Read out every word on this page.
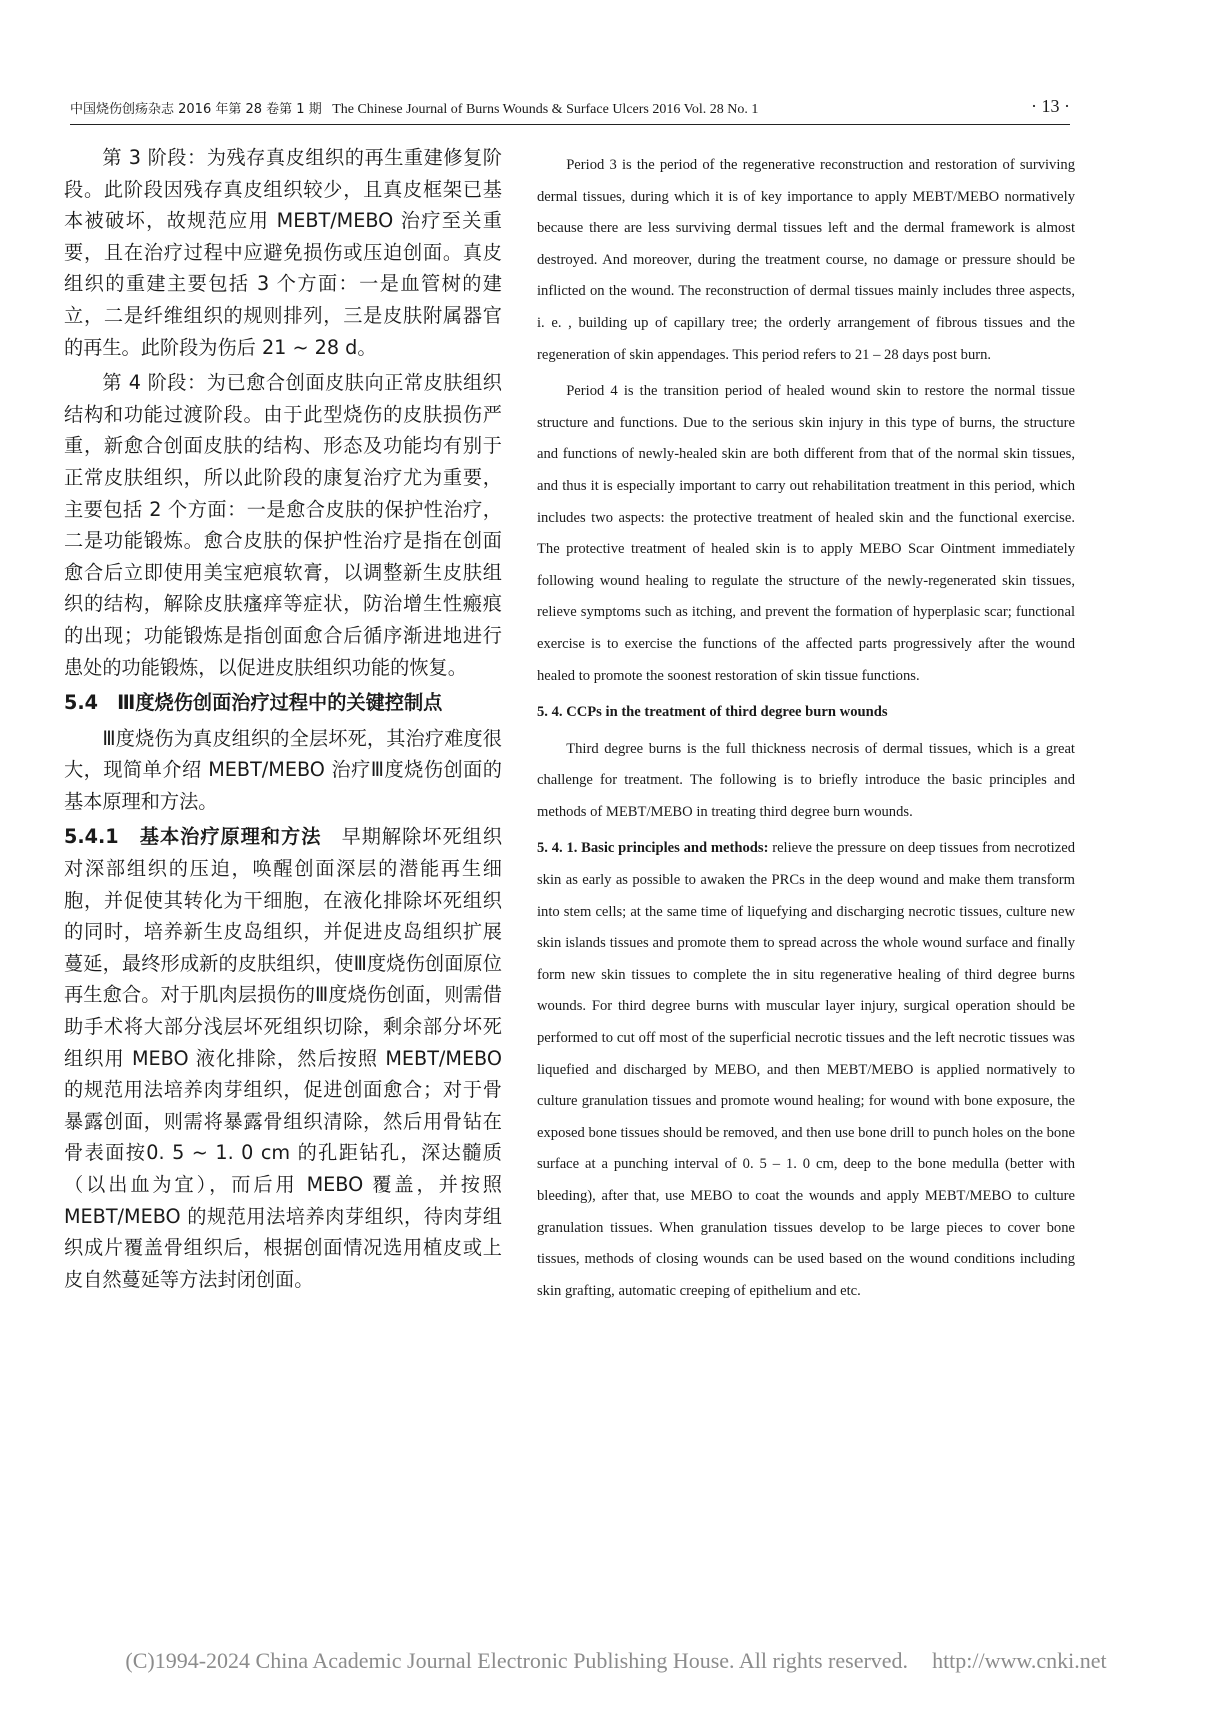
中国烧伤创疡杂志 2016 年第 28 卷第 1 期 The Chinese Journal of Burns Wounds & Surface Ulcers 2016 Vol. 28 No. 1	· 13 ·

第 3 阶段：为残存真皮组织的再生重建修复阶段。此阶段因残存真皮组织较少，且真皮框架已基本被破坏，故规范应用 MEBT/MEBO 治疗至关重要，且在治疗过程中应避免损伤或压迫创面。真皮组织的重建主要包括 3 个方面：一是血管树的建立，二是纤维组织的规则排列，三是皮肤附属器官的再生。此阶段为伤后 21 ~ 28 d。

第 4 阶段：为已愈合创面皮肤向正常皮肤组织结构和功能过渡阶段。由于此型烧伤的皮肤损伤严重，新愈合创面皮肤的结构、形态及功能均有别于正常皮肤组织，所以此阶段的康复治疗尤为重要，主要包括 2 个方面：一是愈合皮肤的保护性治疗，二是功能锻炼。愈合皮肤的保护性治疗是指在创面愈合后立即使用美宝疤痕软膏，以调整新生皮肤组织的结构，解除皮肤瘙痒等症状，防治增生性瘢痕的出现；功能锻炼是指创面愈合后循序渐进地进行患处的功能锻炼，以促进皮肤组织功能的恢复。

5.4　Ⅲ度烧伤创面治疗过程中的关键控制点

Ⅲ度烧伤为真皮组织的全层坏死，其治疗难度很大，现简单介绍 MEBT/MEBO 治疗Ⅲ度烧伤创面的基本原理和方法。

5.4.1　基本治疗原理和方法　 早期解除坏死组织对深部组织的压迫，唤醒创面深层的潜能再生细胞，并促使其转化为干细胞，在液化排除坏死组织的同时，培养新生皮岛组织，并促进皮岛组织扩展蔓延，最终形成新的皮肤组织，使Ⅲ度烧伤创面原位再生愈合。对于肌肉层损伤的Ⅲ度烧伤创面，则需借助手术将大部分浅层坏死组织切除，剩余部分坏死组织用 MEBO 液化排除，然后按照 MEBT/MEBO 的规范用法培养肉芽组织，促进创面愈合；对于骨暴露创面，则需将暴露骨组织清除，然后用骨钻在骨表面按0. 5 ~ 1. 0 cm 的孔距钻孔，深达髓质（以出血为宜），而后用 MEBO 覆盖，并按照 MEBT/MEBO 的规范用法培养肉芽组织，待肉芽组织成片覆盖骨组织后，根据创面情况选用植皮或上皮自然蔓延等方法封闭创面。

Period 3 is the period of the regenerative reconstruction and restoration of surviving dermal tissues, during which it is of key importance to apply MEBT/MEBO normatively because there are less surviving dermal tissues left and the dermal framework is almost destroyed. And moreover, during the treatment course, no damage or pressure should be inflicted on the wound. The reconstruction of dermal tissues mainly includes three aspects, i. e. , building up of capillary tree; the orderly arrangement of fibrous tissues and the regeneration of skin appendages. This period refers to 21 – 28 days post burn.

Period 4 is the transition period of healed wound skin to restore the normal tissue structure and functions. Due to the serious skin injury in this type of burns, the structure and functions of newly-healed skin are both different from that of the normal skin tissues, and thus it is especially important to carry out rehabilitation treatment in this period, which includes two aspects: the protective treatment of healed skin and the functional exercise. The protective treatment of healed skin is to apply MEBO Scar Ointment immediately following wound healing to regulate the structure of the newly-regenerated skin tissues, relieve symptoms such as itching, and prevent the formation of hyperplasic scar; functional exercise is to exercise the functions of the affected parts progressively after the wound healed to promote the soonest restoration of skin tissue functions.

5. 4. CCPs in the treatment of third degree burn wounds

Third degree burns is the full thickness necrosis of dermal tissues, which is a great challenge for treatment. The following is to briefly introduce the basic principles and methods of MEBT/MEBO in treating third degree burn wounds.

5. 4. 1. Basic principles and methods: relieve the pressure on deep tissues from necrotized skin as early as possible to awaken the PRCs in the deep wound and make them transform into stem cells; at the same time of liquefying and discharging necrotic tissues, culture new skin islands tissues and promote them to spread across the whole wound surface and finally form new skin tissues to complete the in situ regenerative healing of third degree burns wounds. For third degree burns with muscular layer injury, surgical operation should be performed to cut off most of the superficial necrotic tissues and the left necrotic tissues was liquefied and discharged by MEBO, and then MEBT/MEBO is applied normatively to culture granulation tissues and promote wound healing; for wound with bone exposure, the exposed bone tissues should be removed, and then use bone drill to punch holes on the bone surface at a punching interval of 0. 5 – 1. 0 cm, deep to the bone medulla (better with bleeding), after that, use MEBO to coat the wounds and apply MEBT/MEBO to culture granulation tissues. When granulation tissues develop to be large pieces to cover bone tissues, methods of closing wounds can be used based on the wound conditions including skin grafting, automatic creeping of epithelium and etc.

(C)1994-2024 China Academic Journal Electronic Publishing House. All rights reserved. http://www.cnki.net
